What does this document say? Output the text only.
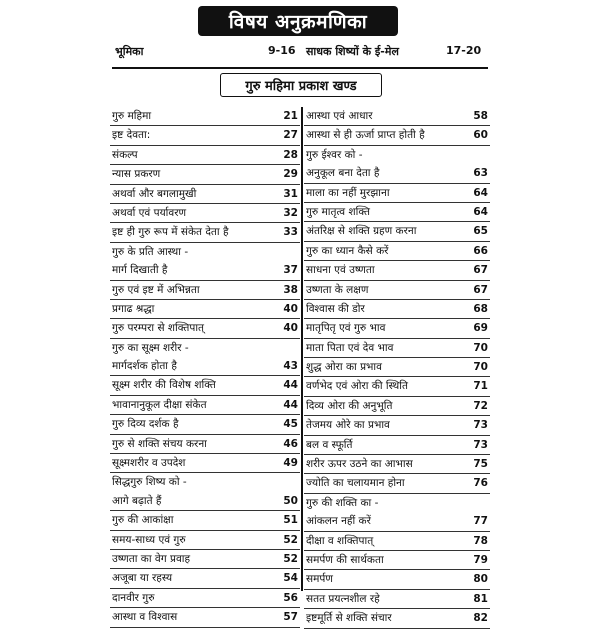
विषय अनुक्रमणिका
भूमिका	9-16 साधक शिष्यों के ई-मेल	17-20
गुरु महिमा प्रकाश खण्ड
गुरु महिमा	21
इष्ट देवता:	27
संकल्प	28
न्यास प्रकरण	29
अथर्वा और बगलामुखी	31
अथर्वा एवं पर्यावरण	32
इष्ट ही गुरु रूप में संकेत देता है	33
गुरु के प्रति आस्था -
मार्ग दिखाती है	37
गुरु एवं इष्ट में अभिन्नता	38
प्रगाढ श्रद्धा	40
गुरु परम्परा से शक्तिपात्	40
गुरु का सूक्ष्म शरीर -
मार्गदर्शक होता है	43
सूक्ष्म शरीर की विशेष शक्ति	44
भावानानुकूल दीक्षा संकेत	44
गुरु दिव्य दर्शक है	45
गुरु से शक्ति संचय करना	46
सूक्ष्मशरीर व उपदेश	49
सिद्धगुरु शिष्य को -
आगे बढ़ाते हैं	50
गुरु की आकांक्षा	51
समय-साध्य एवं गुरु	52
उष्णता का वेग प्रवाह	52
अजूबा या रहस्य	54
दानवीर गुरु	56
आस्था व विश्वास	57
आस्था एवं आधार	58
आस्था से ही ऊर्जा प्राप्त होती है	60
गुरु ईश्वर को -
अनुकूल बना देता है	63
माला का नहीं मुरझाना	64
गुरु मातृत्व शक्ति	64
अंतरिक्ष से शक्ति ग्रहण करना	65
गुरु का ध्यान कैसे करें	66
साधना एवं उष्णता	67
उष्णता के लक्षण	67
विश्वास की डोर	68
मातृपितृ एवं गुरु भाव	69
माता पिता एवं देव भाव	70
शुद्ध ओरा का प्रभाव	70
वर्णभेद एवं ओरा की स्थिति	71
दिव्य ओरा की अनुभूति	72
तेजमय ओरे का प्रभाव	73
बल व स्फूर्ति	73
शरीर ऊपर उठने का आभास	75
ज्योति का चलायमान होना	76
गुरु की शक्ति का -
आंकलन नहीं करें	77
दीक्षा व शक्तिपात्	78
समर्पण की सार्थकता	79
समर्पण	80
सतत प्रयत्नशील रहे	81
इष्टमूर्ति से शक्ति संचार	82
